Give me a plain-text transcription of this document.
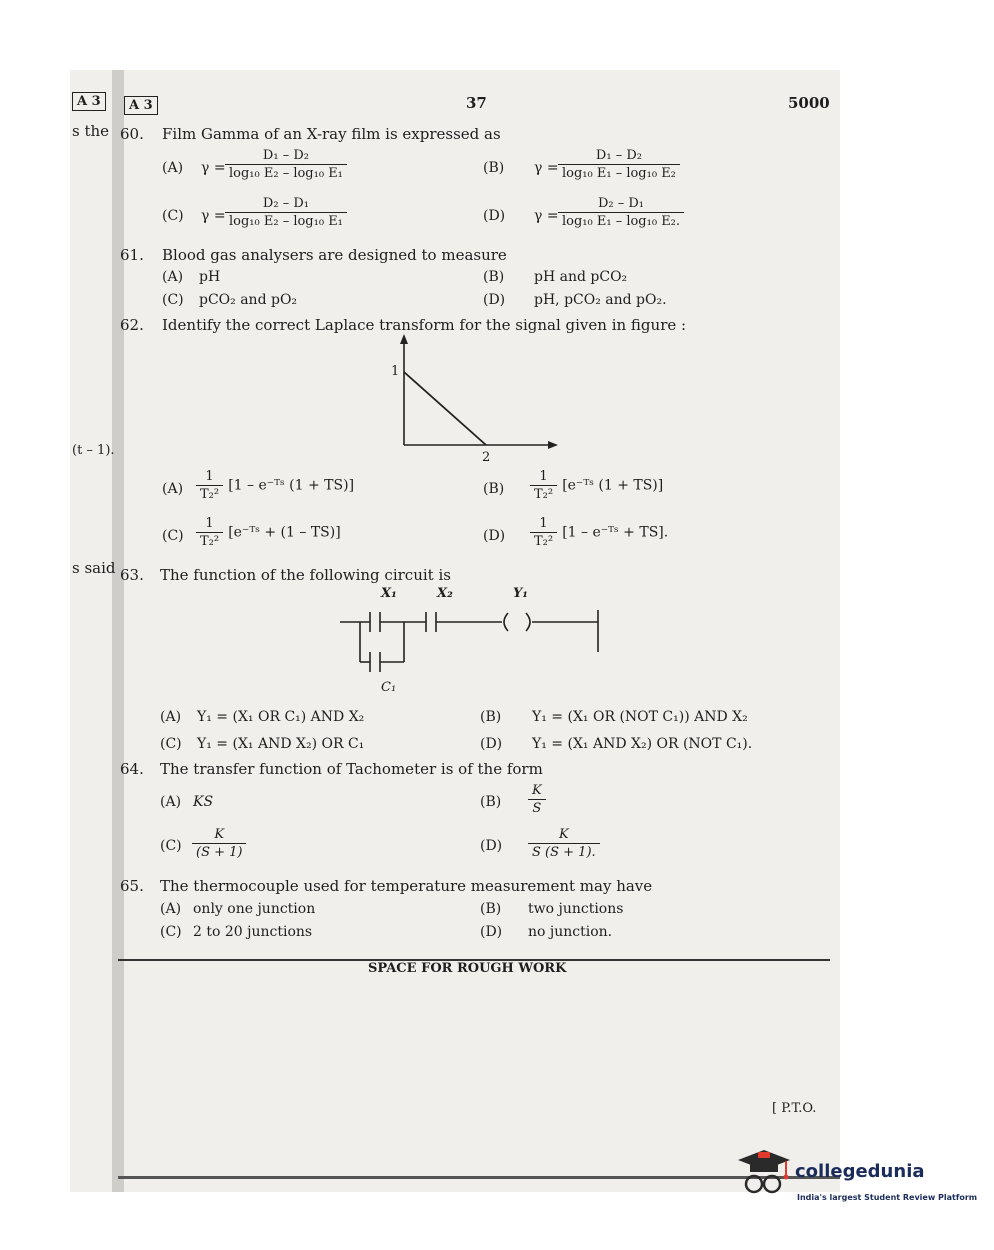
A 3	A 3	37	5000
s the
(t – 1).
s said
60. Film Gamma of an X-ray film is expressed as
(A) $\gamma = \frac{\text{D₁ – D₂}}{\text{log₁₀ E₂ – log₁₀ E₁}}$	(B) $\gamma = \frac{\text{D₁ – D₂}}{\text{log₁₀ E₁ – log₁₀ E₂}}$
(C) $\gamma = \frac{\text{D₂ – D₁}}{\text{log₁₀ E₂ – log₁₀ E₁}}$	(D) $\gamma = \frac{\text{D₂ – D₁}}{\text{log₁₀ E₁ – log₁₀ E₂.}}$
61. Blood gas analysers are designed to measure
(A) pH	(B) pH and pCO₂
(C) pCO₂ and pO₂	(D) pH, pCO₂ and pO₂.
62. Identify the correct Laplace transform for the signal given in figure :
1
2
$(A) \frac{1}{\text{T₂²}} [1$ – e⁻ᵀˢ (1 + TS)]	$(B) \frac{1}{\text{T₂²}}$ [e⁻ᵀˢ (1 + TS)]
$(C) \frac{1}{\text{T₂²}}$ [e⁻ᵀˢ + (1 – TS)]	$(D) \frac{1}{\text{T₂²}} [1$ – e⁻ᵀˢ + TS].
63. The function of the following circuit is
X₁	X₂	Y₁
C₁
(A) Y₁ = (X₁ OR C₁) AND X₂	(B) Y₁ = (X₁ OR (NOT C₁)) AND X₂
(C) Y₁ = (X₁ AND X₂) OR C₁	(D) Y₁ = (X₁ AND X₂) OR (NOT C₁).
64. The transfer function of Tachometer is of the form
(A) KS	$(B) \frac{K}{S}$
$(C) \frac{K}{(S + 1)}$	$(D) \frac{K}{S (S + 1).}$
65. The thermocouple used for temperature measurement may have
(A) only one junction	(B) two junctions
(C) 2 to 20 junctions	(D) no junction.
SPACE FOR ROUGH WORK
[ P.T.O.
collegedunia
India's largest Student Review Platform
